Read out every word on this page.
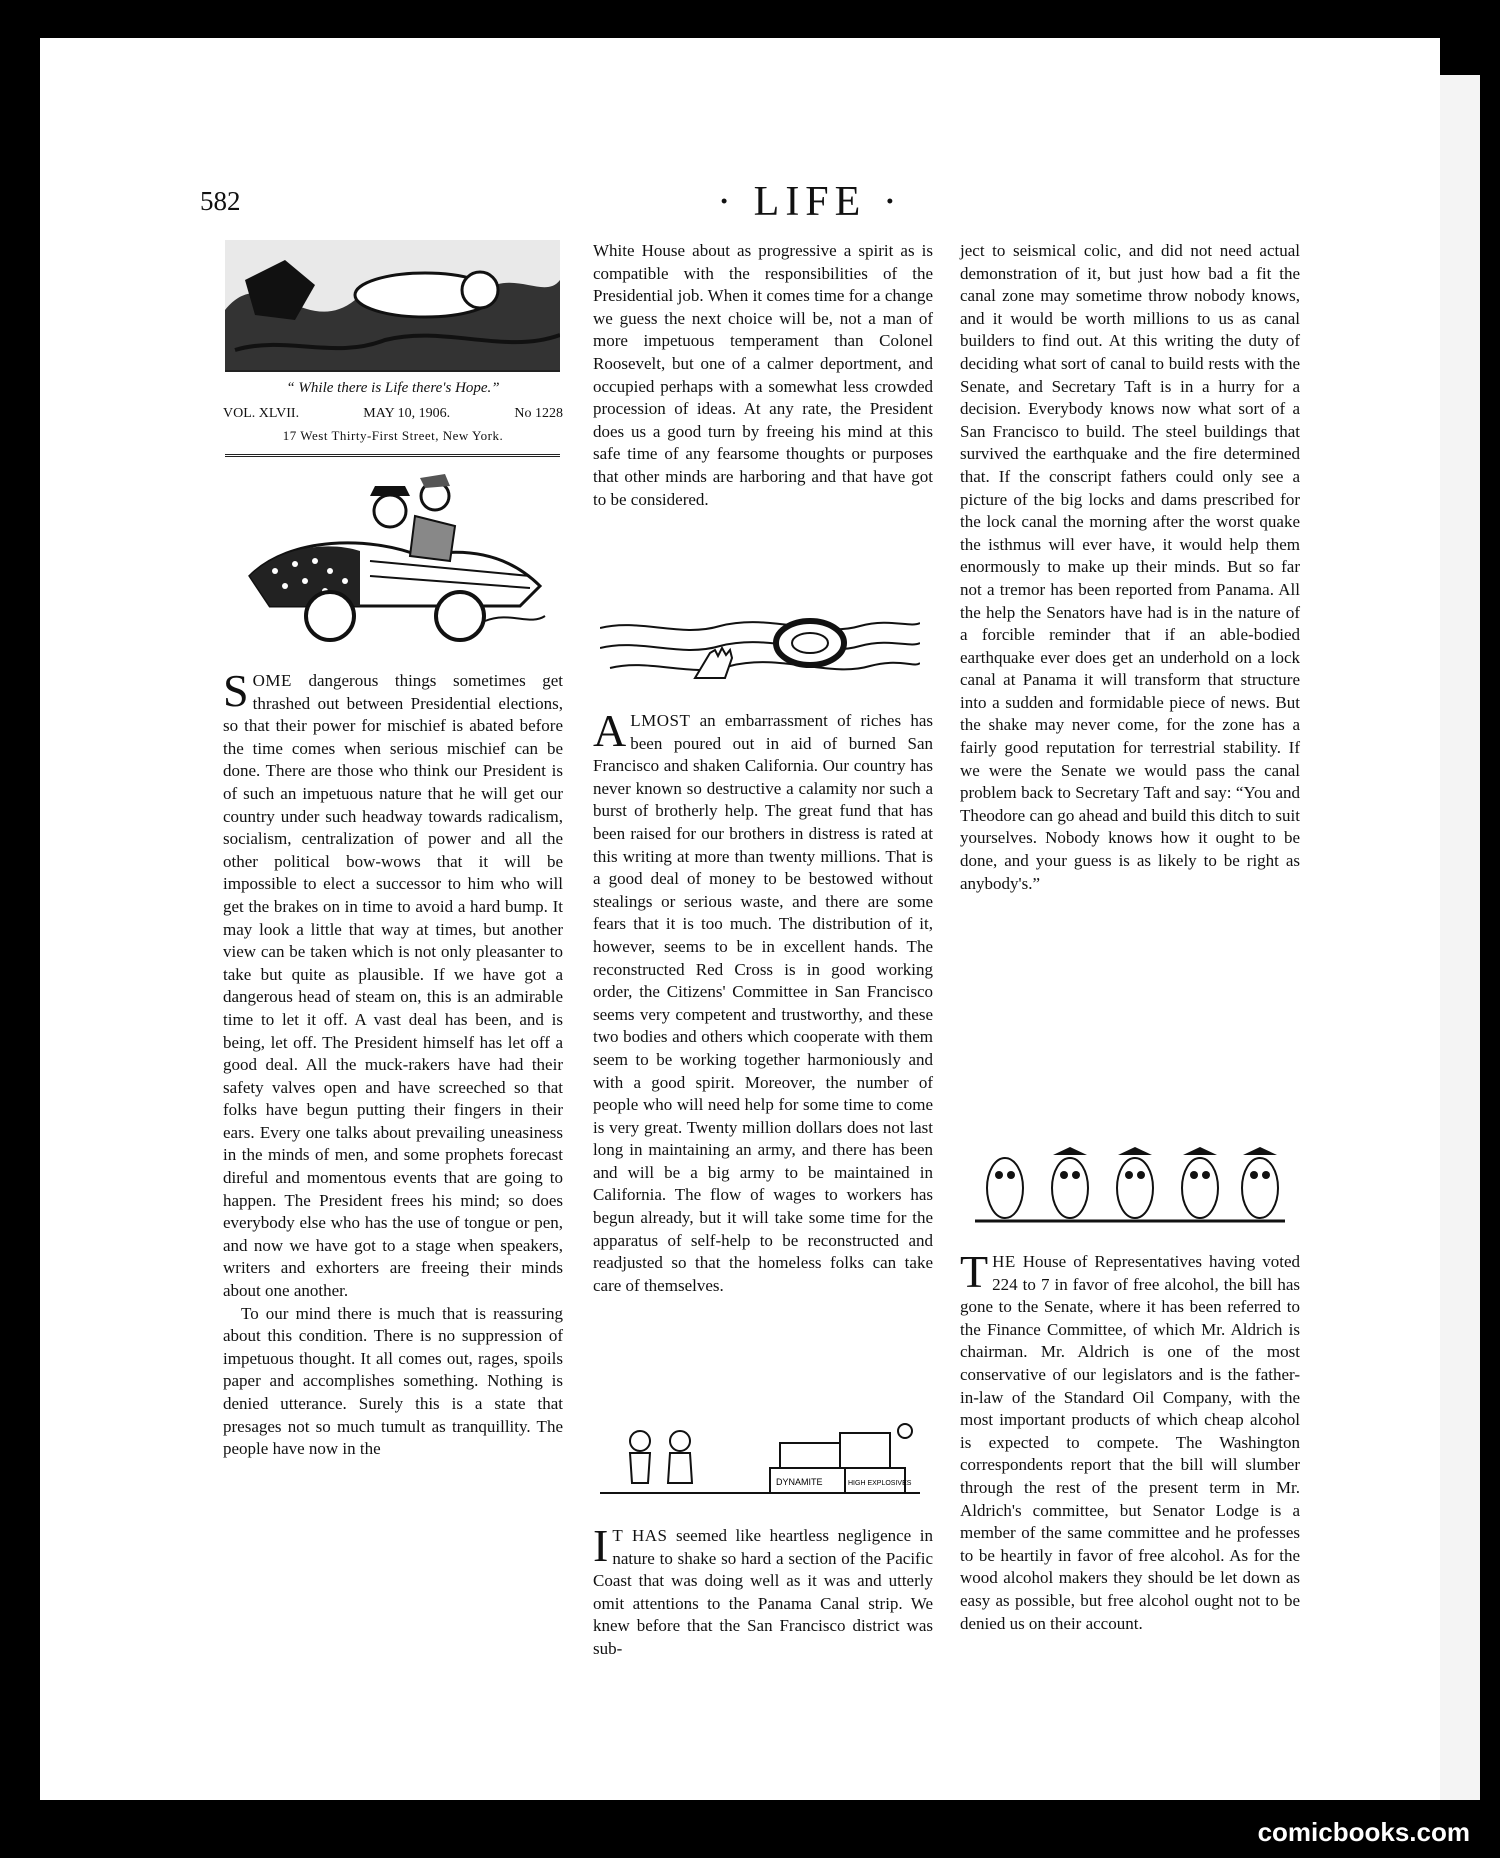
582	· LIFE ·
“ While there is Life there's Hope.”
VOL. XLVII.	MAY 10, 1906.	No 1228
17 West Thirty-First Street, New York.

SOME dangerous things sometimes get thrashed out between Presidential elections, so that their power for mischief is abated before the time comes when serious mischief can be done. There are those who think our President is of such an impetuous nature that he will get our country under such headway towards radicalism, socialism, centralization of power and all the other political bow-wows that it will be impossible to elect a successor to him who will get the brakes on in time to avoid a hard bump. It may look a little that way at times, but another view can be taken which is not only pleasanter to take but quite as plausible. If we have got a dangerous head of steam on, this is an admirable time to let it off. A vast deal has been, and is being, let off. The President himself has let off a good deal. All the muck-rakers have had their safety valves open and have screeched so that folks have begun putting their fingers in their ears. Every one talks about prevailing uneasiness in the minds of men, and some prophets forecast direful and momentous events that are going to happen. The President frees his mind; so does everybody else who has the use of tongue or pen, and now we have got to a stage when speakers, writers and exhorters are freeing their minds about one another.

To our mind there is much that is reassuring about this condition. There is no suppression of impetuous thought. It all comes out, rages, spoils paper and accomplishes something. Nothing is denied utterance. Surely this is a state that presages not so much tumult as tranquillity. The people have now in the

White House about as progressive a spirit as is compatible with the responsibilities of the Presidential job. When it comes time for a change we guess the next choice will be, not a man of more impetuous temperament than Colonel Roosevelt, but one of a calmer deportment, and occupied perhaps with a somewhat less crowded procession of ideas. At any rate, the President does us a good turn by freeing his mind at this safe time of any fearsome thoughts or purposes that other minds are harboring and that have got to be considered.

ALMOST an embarrassment of riches has been poured out in aid of burned San Francisco and shaken California. Our country has never known so destructive a calamity nor such a burst of brotherly help. The great fund that has been raised for our brothers in distress is rated at this writing at more than twenty millions. That is a good deal of money to be bestowed without stealings or serious waste, and there are some fears that it is too much. The distribution of it, however, seems to be in excellent hands. The reconstructed Red Cross is in good working order, the Citizens' Committee in San Francisco seems very competent and trustworthy, and these two bodies and others which cooperate with them seem to be working together harmoniously and with a good spirit. Moreover, the number of people who will need help for some time to come is very great. Twenty million dollars does not last long in maintaining an army, and there has been and will be a big army to be maintained in California. The flow of wages to workers has begun already, but it will take some time for the apparatus of self-help to be reconstructed and readjusted so that the homeless folks can take care of themselves.

DYNAMITE	HIGH EXPLOSIVES

I T HAS seemed like heartless negligence in nature to shake so hard a section of the Pacific Coast that was doing well as it was and utterly omit attentions to the Panama Canal strip. We knew before that the San Francisco district was sub-

ject to seismical colic, and did not need actual demonstration of it, but just how bad a fit the canal zone may sometime throw nobody knows, and it would be worth millions to us as canal builders to find out. At this writing the duty of deciding what sort of canal to build rests with the Senate, and Secretary Taft is in a hurry for a decision. Everybody knows now what sort of a San Francisco to build. The steel buildings that survived the earthquake and the fire determined that. If the conscript fathers could only see a picture of the big locks and dams prescribed for the lock canal the morning after the worst quake the isthmus will ever have, it would help them enormously to make up their minds. But so far not a tremor has been reported from Panama. All the help the Senators have had is in the nature of a forcible reminder that if an able-bodied earthquake ever does get an underhold on a lock canal at Panama it will transform that structure into a sudden and formidable piece of news. But the shake may never come, for the zone has a fairly good reputation for terrestrial stability. If we were the Senate we would pass the canal problem back to Secretary Taft and say: “You and Theodore can go ahead and build this ditch to suit yourselves. Nobody knows how it ought to be done, and your guess is as likely to be right as anybody's.”

THE House of Representatives having voted 224 to 7 in favor of free alcohol, the bill has gone to the Senate, where it has been referred to the Finance Committee, of which Mr. Aldrich is chairman. Mr. Aldrich is one of the most conservative of our legislators and is the father-in-law of the Standard Oil Company, with the most important products of which cheap alcohol is expected to compete. The Washington correspondents report that the bill will slumber through the rest of the present term in Mr. Aldrich's committee, but Senator Lodge is a member of the same committee and he professes to be heartily in favor of free alcohol. As for the wood alcohol makers they should be let down as easy as possible, but free alcohol ought not to be denied us on their account.

comicbooks.com
